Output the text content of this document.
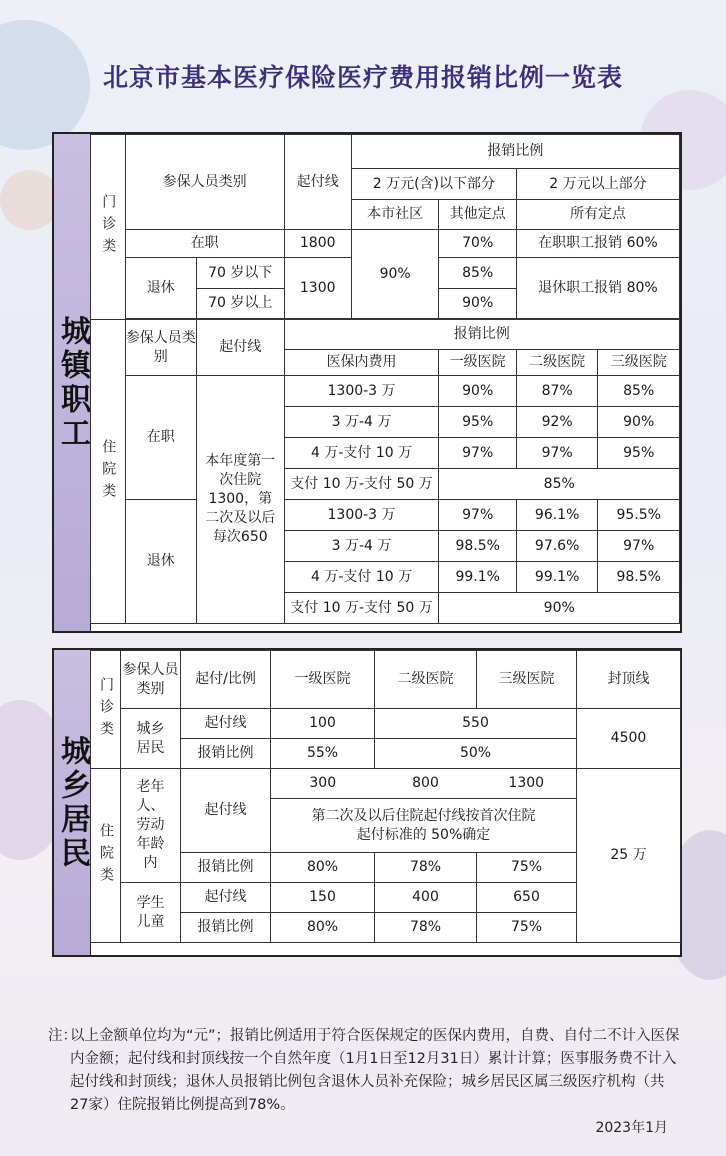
北京市基本医疗保险医疗费用报销比例一览表
城镇职工
门诊类	参保人员类别		起付线	报销比例			
				2 万元(含)以下部分		2 万元以上部分	
				本市社区	其他定点	所有定点	
	在职		1800	90%	70%	在职职工报销 60%	
	退休	70 岁以下	1300		85%	退休职工报销 80%	
		70 岁以上			90%		

住院类	参保人员类别	起付线	报销比例				
			医保内费用		一级医院	二级医院	三级医院
	在职	本年度第一次住院1300，第二次及以后每次650	1300-3 万		90%	87%	85%
			3 万-4 万		95%	92%	90%
			4 万-支付 10 万		97%	97%	95%
			支付 10 万-支付 50 万		85%		
	退休		1300-3 万		97%	96.1%	95.5%
			3 万-4 万		98.5%	97.6%	97%
			4 万-支付 10 万		99.1%	99.1%	98.5%
			支付 10 万-支付 50 万		90%		
城乡居民
门诊类	参保人员类别	起付/比例	一级医院	二级医院	三级医院	封顶线
	城乡居民	起付线	100	550		4500
		报销比例	55%	50%		

住院类	老年人、劳动年龄内	起付线	300	800	1300	25 万
			第二次及以后住院起付线按首次住院起付标准的 50%确定			

		报销比例	80%	78%	75%	
	学生儿童	起付线	150	400	650	
		报销比例	80%	78%	75%	
注：
以上金额单位均为“元”；报销比例适用于符合医保规定的医保内费用，自费、自付二不计入医保内金额；起付线和封顶线按一个自然年度（1月1日至12月31日）累计计算；医事服务费不计入起付线和封顶线；退休人员报销比例包含退休人员补充保险；城乡居民区属三级医疗机构（共27家）住院报销比例提高到78%。
2023年1月
